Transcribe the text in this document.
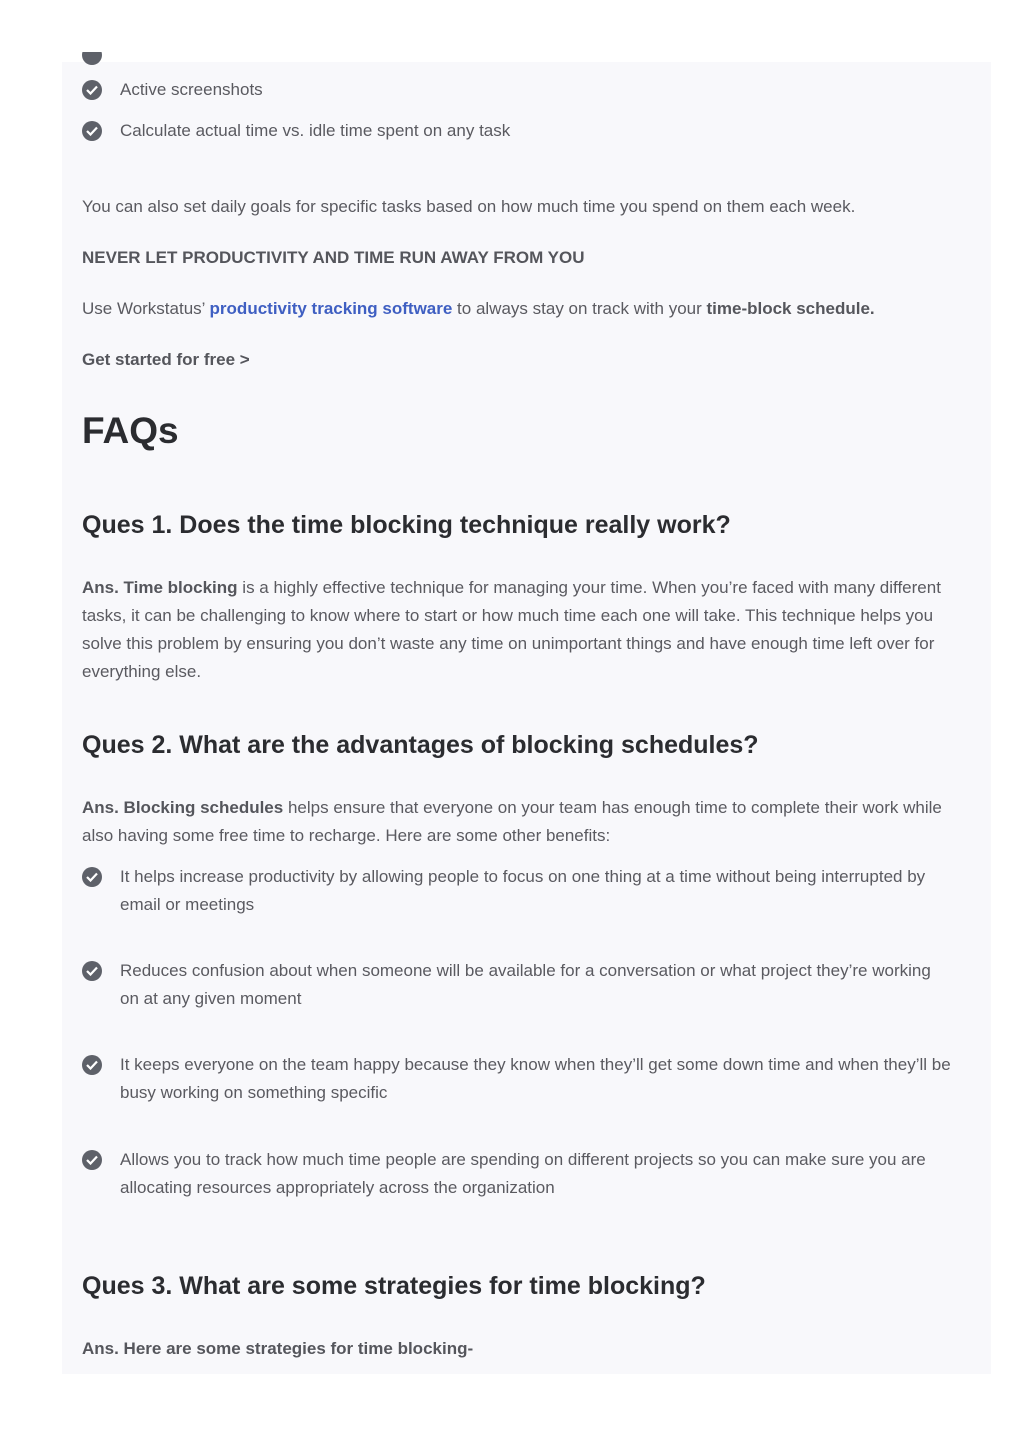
Active screenshots
Calculate actual time vs. idle time spent on any task
You can also set daily goals for specific tasks based on how much time you spend on them each week.
NEVER LET PRODUCTIVITY AND TIME RUN AWAY FROM YOU
Use Workstatus’ productivity tracking software to always stay on track with your time-block schedule.
Get started for free >
FAQs
Ques 1. Does the time blocking technique really work?
Ans. Time blocking is a highly effective technique for managing your time. When you’re faced with many different
tasks, it can be challenging to know where to start or how much time each one will take. This technique helps you
solve this problem by ensuring you don’t waste any time on unimportant things and have enough time left over for
everything else.
Ques 2. What are the advantages of blocking schedules?
Ans. Blocking schedules helps ensure that everyone on your team has enough time to complete their work while
also having some free time to recharge. Here are some other benefits:
It helps increase productivity by allowing people to focus on one thing at a time without being interrupted by
email or meetings
Reduces confusion about when someone will be available for a conversation or what project they’re working
on at any given moment
It keeps everyone on the team happy because they know when they’ll get some down time and when they’ll be
busy working on something specific
Allows you to track how much time people are spending on different projects so you can make sure you are
allocating resources appropriately across the organization
Ques 3. What are some strategies for time blocking?
Ans. Here are some strategies for time blocking-
